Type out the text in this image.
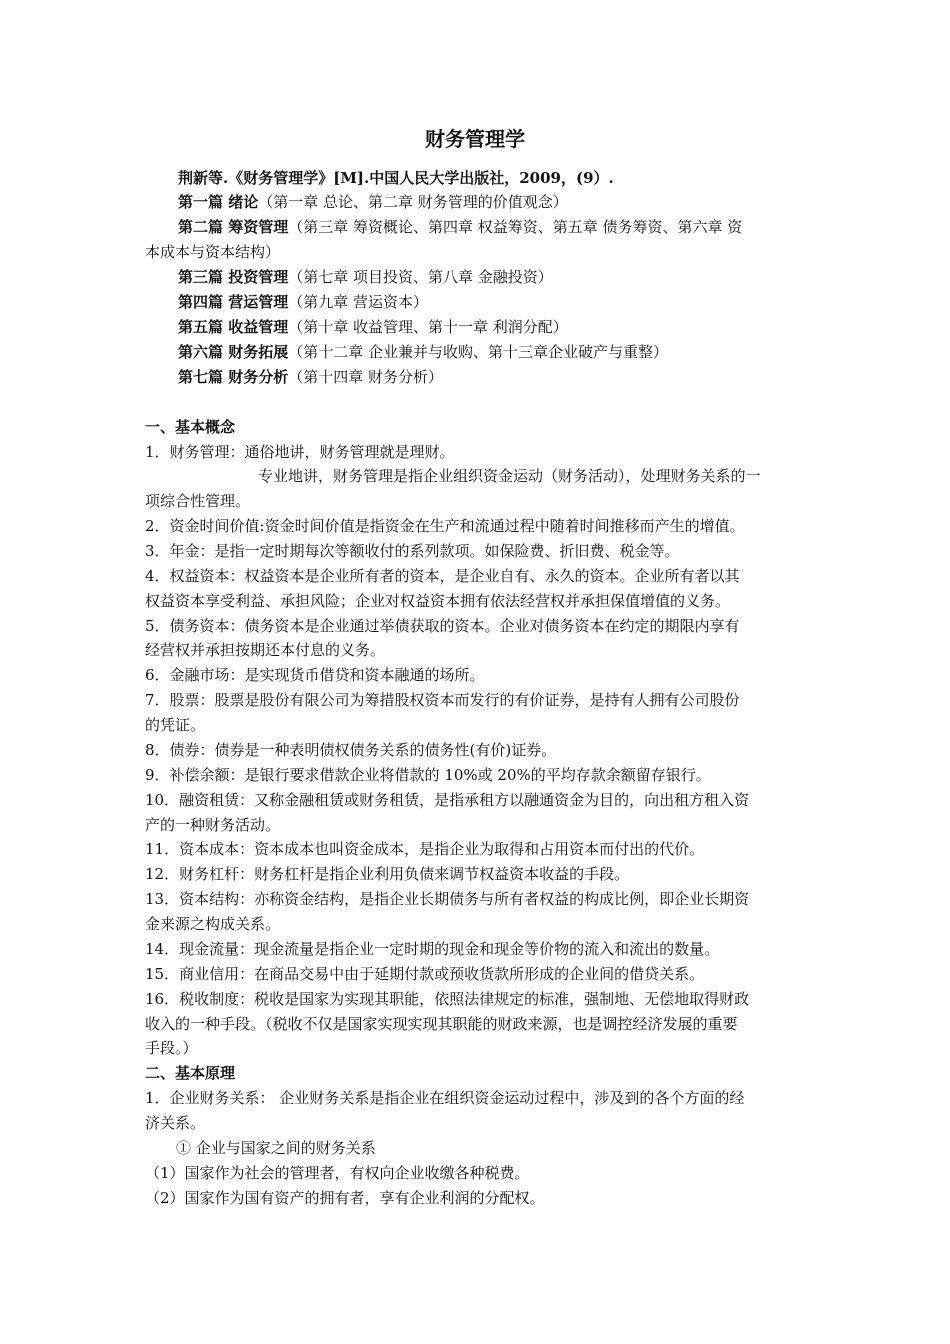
财务管理学
荆新等.《财务管理学》[M].中国人民大学出版社，2009，(9）.
第一篇 绪论（第一章 总论、第二章 财务管理的价值观念）
第二篇 筹资管理（第三章 筹资概论、第四章 权益筹资、第五章 债务筹资、第六章 资
本成本与资本结构）
第三篇 投资管理（第七章 项目投资、第八章 金融投资）
第四篇 营运管理（第九章 营运资本）
第五篇 收益管理（第十章 收益管理、第十一章 利润分配）
第六篇 财务拓展（第十二章 企业兼并与收购、第十三章企业破产与重整）
第七篇 财务分析（第十四章 财务分析）
一、基本概念
1．财务管理：通俗地讲，财务管理就是理财。
专业地讲，财务管理是指企业组织资金运动（财务活动），处理财务关系的一
项综合性管理。
2．资金时间价值:资金时间价值是指资金在生产和流通过程中随着时间推移而产生的增值。
3．年金：是指一定时期每次等额收付的系列款项。如保险费、折旧费、税金等。
4．权益资本：权益资本是企业所有者的资本，是企业自有、永久的资本。企业所有者以其
权益资本享受利益、承担风险；企业对权益资本拥有依法经营权并承担保值增值的义务。
5．债务资本：债务资本是企业通过举债获取的资本。企业对债务资本在约定的期限内享有
经营权并承担按期还本付息的义务。
6．金融市场：是实现货币借贷和资本融通的场所。
7．股票：股票是股份有限公司为筹措股权资本而发行的有价证券，是持有人拥有公司股份
的凭证。
8．债券：债券是一种表明债权债务关系的债务性(有价)证券。
9．补偿余额：是银行要求借款企业将借款的 10%或 20%的平均存款余额留存银行。
10．融资租赁：又称金融租赁或财务租赁，是指承租方以融通资金为目的，向出租方租入资
产的一种财务活动。
11．资本成本：资本成本也叫资金成本，是指企业为取得和占用资本而付出的代价。
12．财务杠杆：财务杠杆是指企业利用负债来调节权益资本收益的手段。
13．资本结构：亦称资金结构，是指企业长期债务与所有者权益的构成比例，即企业长期资
金来源之构成关系。
14．现金流量：现金流量是指企业一定时期的现金和现金等价物的流入和流出的数量。
15．商业信用：在商品交易中由于延期付款或预收货款所形成的企业间的借贷关系。
16．税收制度：税收是国家为实现其职能，依照法律规定的标准，强制地、无偿地取得财政
收入的一种手段。（税收不仅是国家实现实现其职能的财政来源，也是调控经济发展的重要
手段。）
二、基本原理
1．企业财务关系： 企业财务关系是指企业在组织资金运动过程中，涉及到的各个方面的经
济关系。
① 企业与国家之间的财务关系
（1）国家作为社会的管理者，有权向企业收缴各种税费。
（2）国家作为国有资产的拥有者，享有企业利润的分配权。
